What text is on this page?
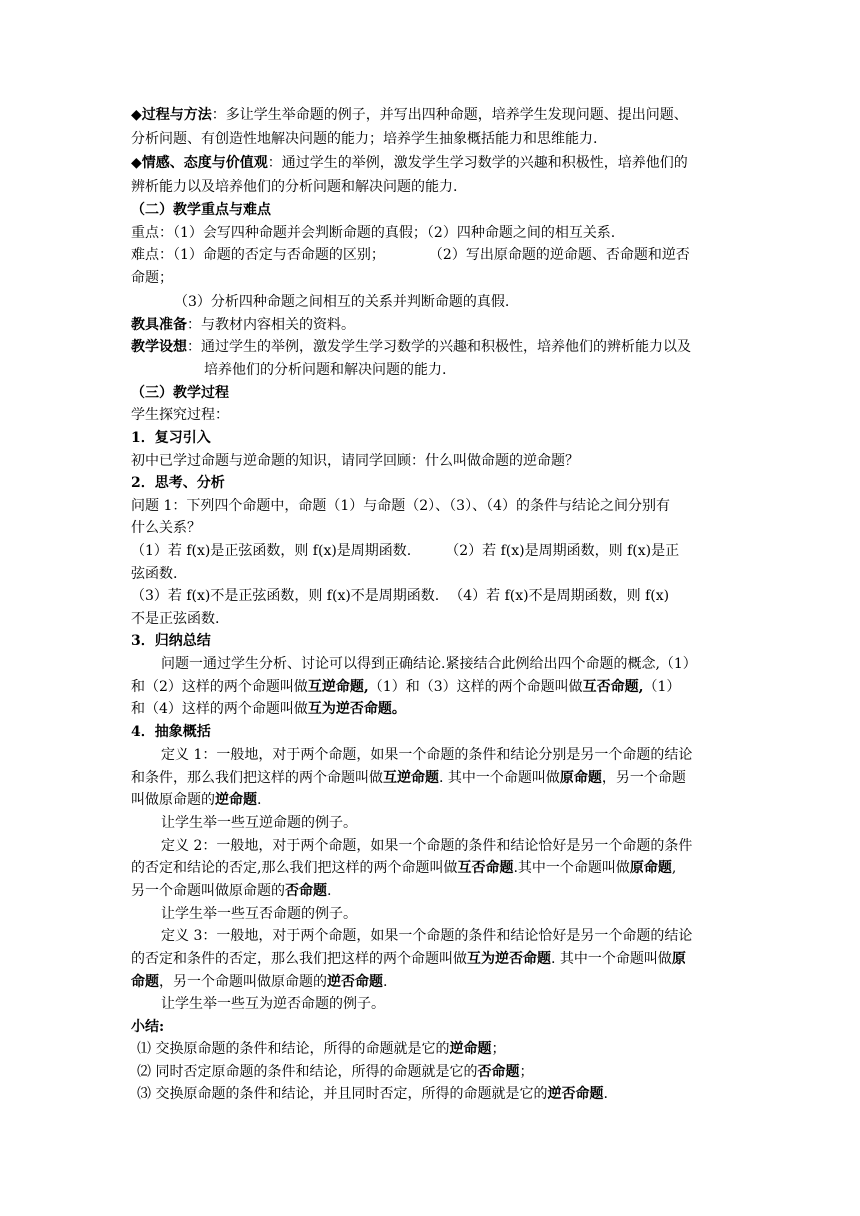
◆过程与方法：多让学生举命题的例子，并写出四种命题，培养学生发现问题、提出问题、
分析问题、有创造性地解决问题的能力；培养学生抽象概括能力和思维能力.
◆情感、态度与价值观：通过学生的举例，激发学生学习数学的兴趣和积极性，培养他们的
辨析能力以及培养他们的分析问题和解决问题的能力.
（二）教学重点与难点
重点：（1）会写四种命题并会判断命题的真假；（2）四种命题之间的相互关系.
难点：（1）命题的否定与否命题的区别；	（2）写出原命题的逆命题、否命题和逆否
命题；
（3）分析四种命题之间相互的关系并判断命题的真假.
教具准备：与教材内容相关的资料。
教学设想：通过学生的举例，激发学生学习数学的兴趣和积极性，培养他们的辨析能力以及
培养他们的分析问题和解决问题的能力.
（三）教学过程
学生探究过程：
1．复习引入
初中已学过命题与逆命题的知识，请同学回顾：什么叫做命题的逆命题？
2．思考、分析
问题 1：下列四个命题中，命题（1）与命题（2）、（3）、（4）的条件与结论之间分别有
什么关系？
（1）若 f(x)是正弦函数，则 f(x)是周期函数. （2）若 f(x)是周期函数，则 f(x)是正
弦函数.
（3）若 f(x)不是正弦函数，则 f(x)不是周期函数. （4）若 f(x)不是周期函数，则 f(x)
不是正弦函数.
3．归纳总结
问题一通过学生分析、讨论可以得到正确结论.紧接结合此例给出四个命题的概念,（1）
和（2）这样的两个命题叫做互逆命题,（1）和（3）这样的两个命题叫做互否命题,（1）
和（4）这样的两个命题叫做互为逆否命题。
4．抽象概括
定义 1：一般地，对于两个命题，如果一个命题的条件和结论分别是另一个命题的结论
和条件，那么我们把这样的两个命题叫做互逆命题. 其中一个命题叫做原命题，另一个命题
叫做原命题的逆命题.
让学生举一些互逆命题的例子。
定义 2：一般地，对于两个命题，如果一个命题的条件和结论恰好是另一个命题的条件
的否定和结论的否定,那么我们把这样的两个命题叫做互否命题.其中一个命题叫做原命题,
另一个命题叫做原命题的否命题.
让学生举一些互否命题的例子。
定义 3：一般地，对于两个命题，如果一个命题的条件和结论恰好是另一个命题的结论
的否定和条件的否定，那么我们把这样的两个命题叫做互为逆否命题. 其中一个命题叫做原
命题，另一个命题叫做原命题的逆否命题.
让学生举一些互为逆否命题的例子。
小结:
⑴ 交换原命题的条件和结论，所得的命题就是它的逆命题；
⑵ 同时否定原命题的条件和结论，所得的命题就是它的否命题；
⑶ 交换原命题的条件和结论，并且同时否定，所得的命题就是它的逆否命题.
